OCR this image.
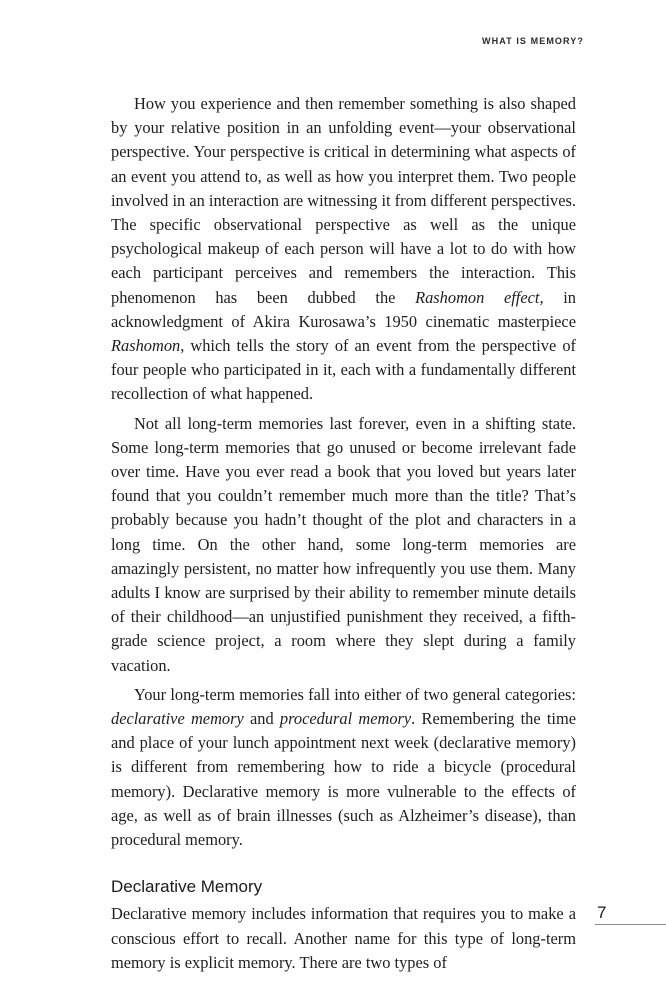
WHAT IS MEMORY?

How you experience and then remember something is also shaped by your relative position in an unfolding event—your observational perspective. Your perspective is critical in determining what aspects of an event you attend to, as well as how you interpret them. Two people involved in an interaction are witnessing it from different perspectives. The specific observational perspective as well as the unique psychological makeup of each person will have a lot to do with how each participant perceives and remembers the interaction. This phenomenon has been dubbed the Rashomon effect, in acknowledgment of Akira Kurosawa’s 1950 cinematic masterpiece Rashomon, which tells the story of an event from the perspective of four people who participated in it, each with a fundamentally different recollection of what happened.

Not all long-term memories last forever, even in a shifting state. Some long-term memories that go unused or become irrelevant fade over time. Have you ever read a book that you loved but years later found that you couldn’t remember much more than the title? That’s probably because you hadn’t thought of the plot and characters in a long time. On the other hand, some long-term memories are amazingly persistent, no matter how infrequently you use them. Many adults I know are surprised by their ability to remember minute details of their childhood—an unjustified punishment they received, a fifth-grade science project, a room where they slept during a family vacation.

Your long-term memories fall into either of two general categories: declarative memory and procedural memory. Remembering the time and place of your lunch appointment next week (declarative memory) is different from remembering how to ride a bicycle (procedural memory). Declarative memory is more vulnerable to the effects of age, as well as of brain illnesses (such as Alzheimer’s disease), than procedural memory.

Declarative Memory

Declarative memory includes information that requires you to make a conscious effort to recall. Another name for this type of long-term memory is explicit memory. There are two types of

7
